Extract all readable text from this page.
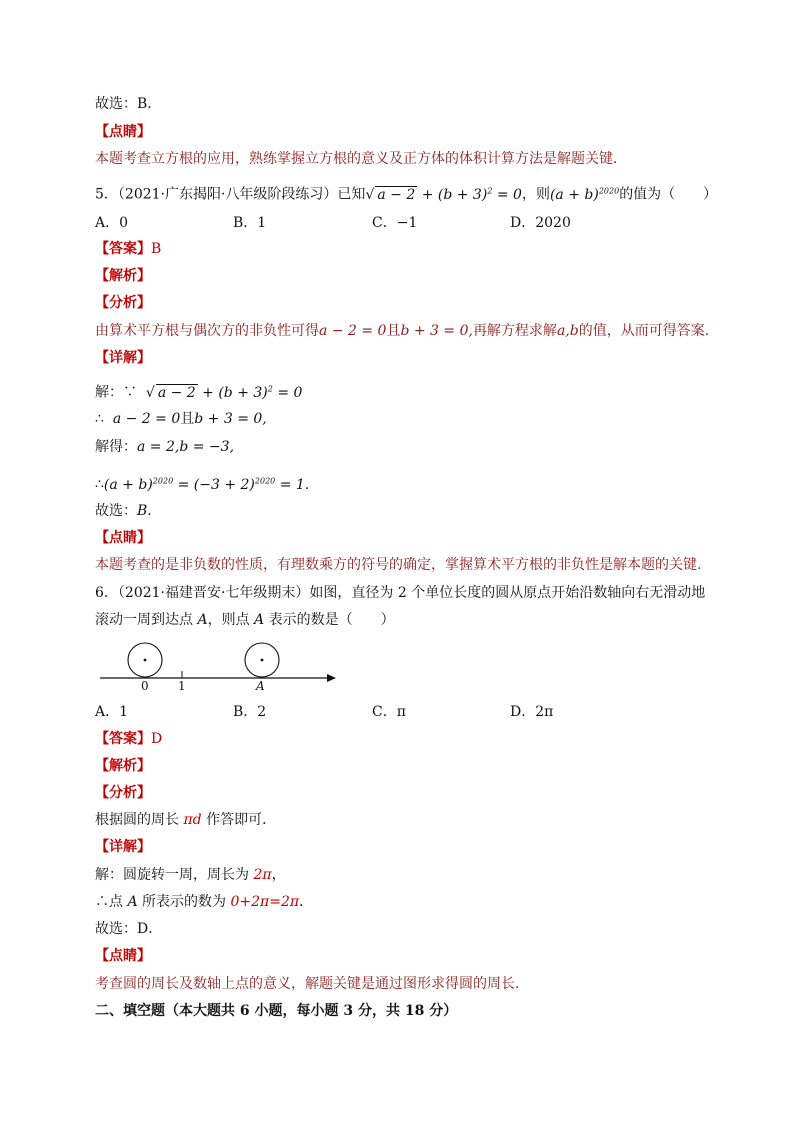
故选：B．
【点睛】
本题考查立方根的应用，熟练掌握立方根的意义及正方体的体积计算方法是解题关键．
5．（2021·广东揭阳·八年级阶段练习）已知√ $a - 2 + (b + 3)^2 = 0$，则$(a + b)^{2020}$的值为（　　）
A．0	B．1	C．−1	D．2020
【答案】B
【解析】
【分析】
由算术平方根与偶次方的非负性可得a − 2 = 0且b + 3 = 0,再解方程求解a,b的值，从而可得答案.
【详解】
解：∵ √ $a - 2 + (b + 3)^2 = 0$
∴ a − 2 = 0且b + 3 = 0,
解得：a = 2,b = −3,
∴(a + $b)^{2020} = (-3 + 2)^{2020} = 1$.
故选：B.
【点睛】
本题考查的是非负数的性质，有理数乘方的符号的确定，掌握算术平方根的非负性是解本题的关键.
6．（2021·福建晋安·七年级期末）如图，直径为 2 个单位长度的圆从原点开始沿数轴向右无滑动地
滚动一周到达点 A，则点 A 表示的数是（　　）
0 1	A
A．1	B．2	C．π	D．2π
【答案】D
【解析】
【分析】
根据圆的周长 πd 作答即可．
【详解】
解：圆旋转一周，周长为 2π，
∴点 A 所表示的数为 0+2π=2π．
故选：D．
【点睛】
考查圆的周长及数轴上点的意义，解题关键是通过图形求得圆的周长．
二、填空题（本大题共 6 小题，每小题 3 分，共 18 分）
